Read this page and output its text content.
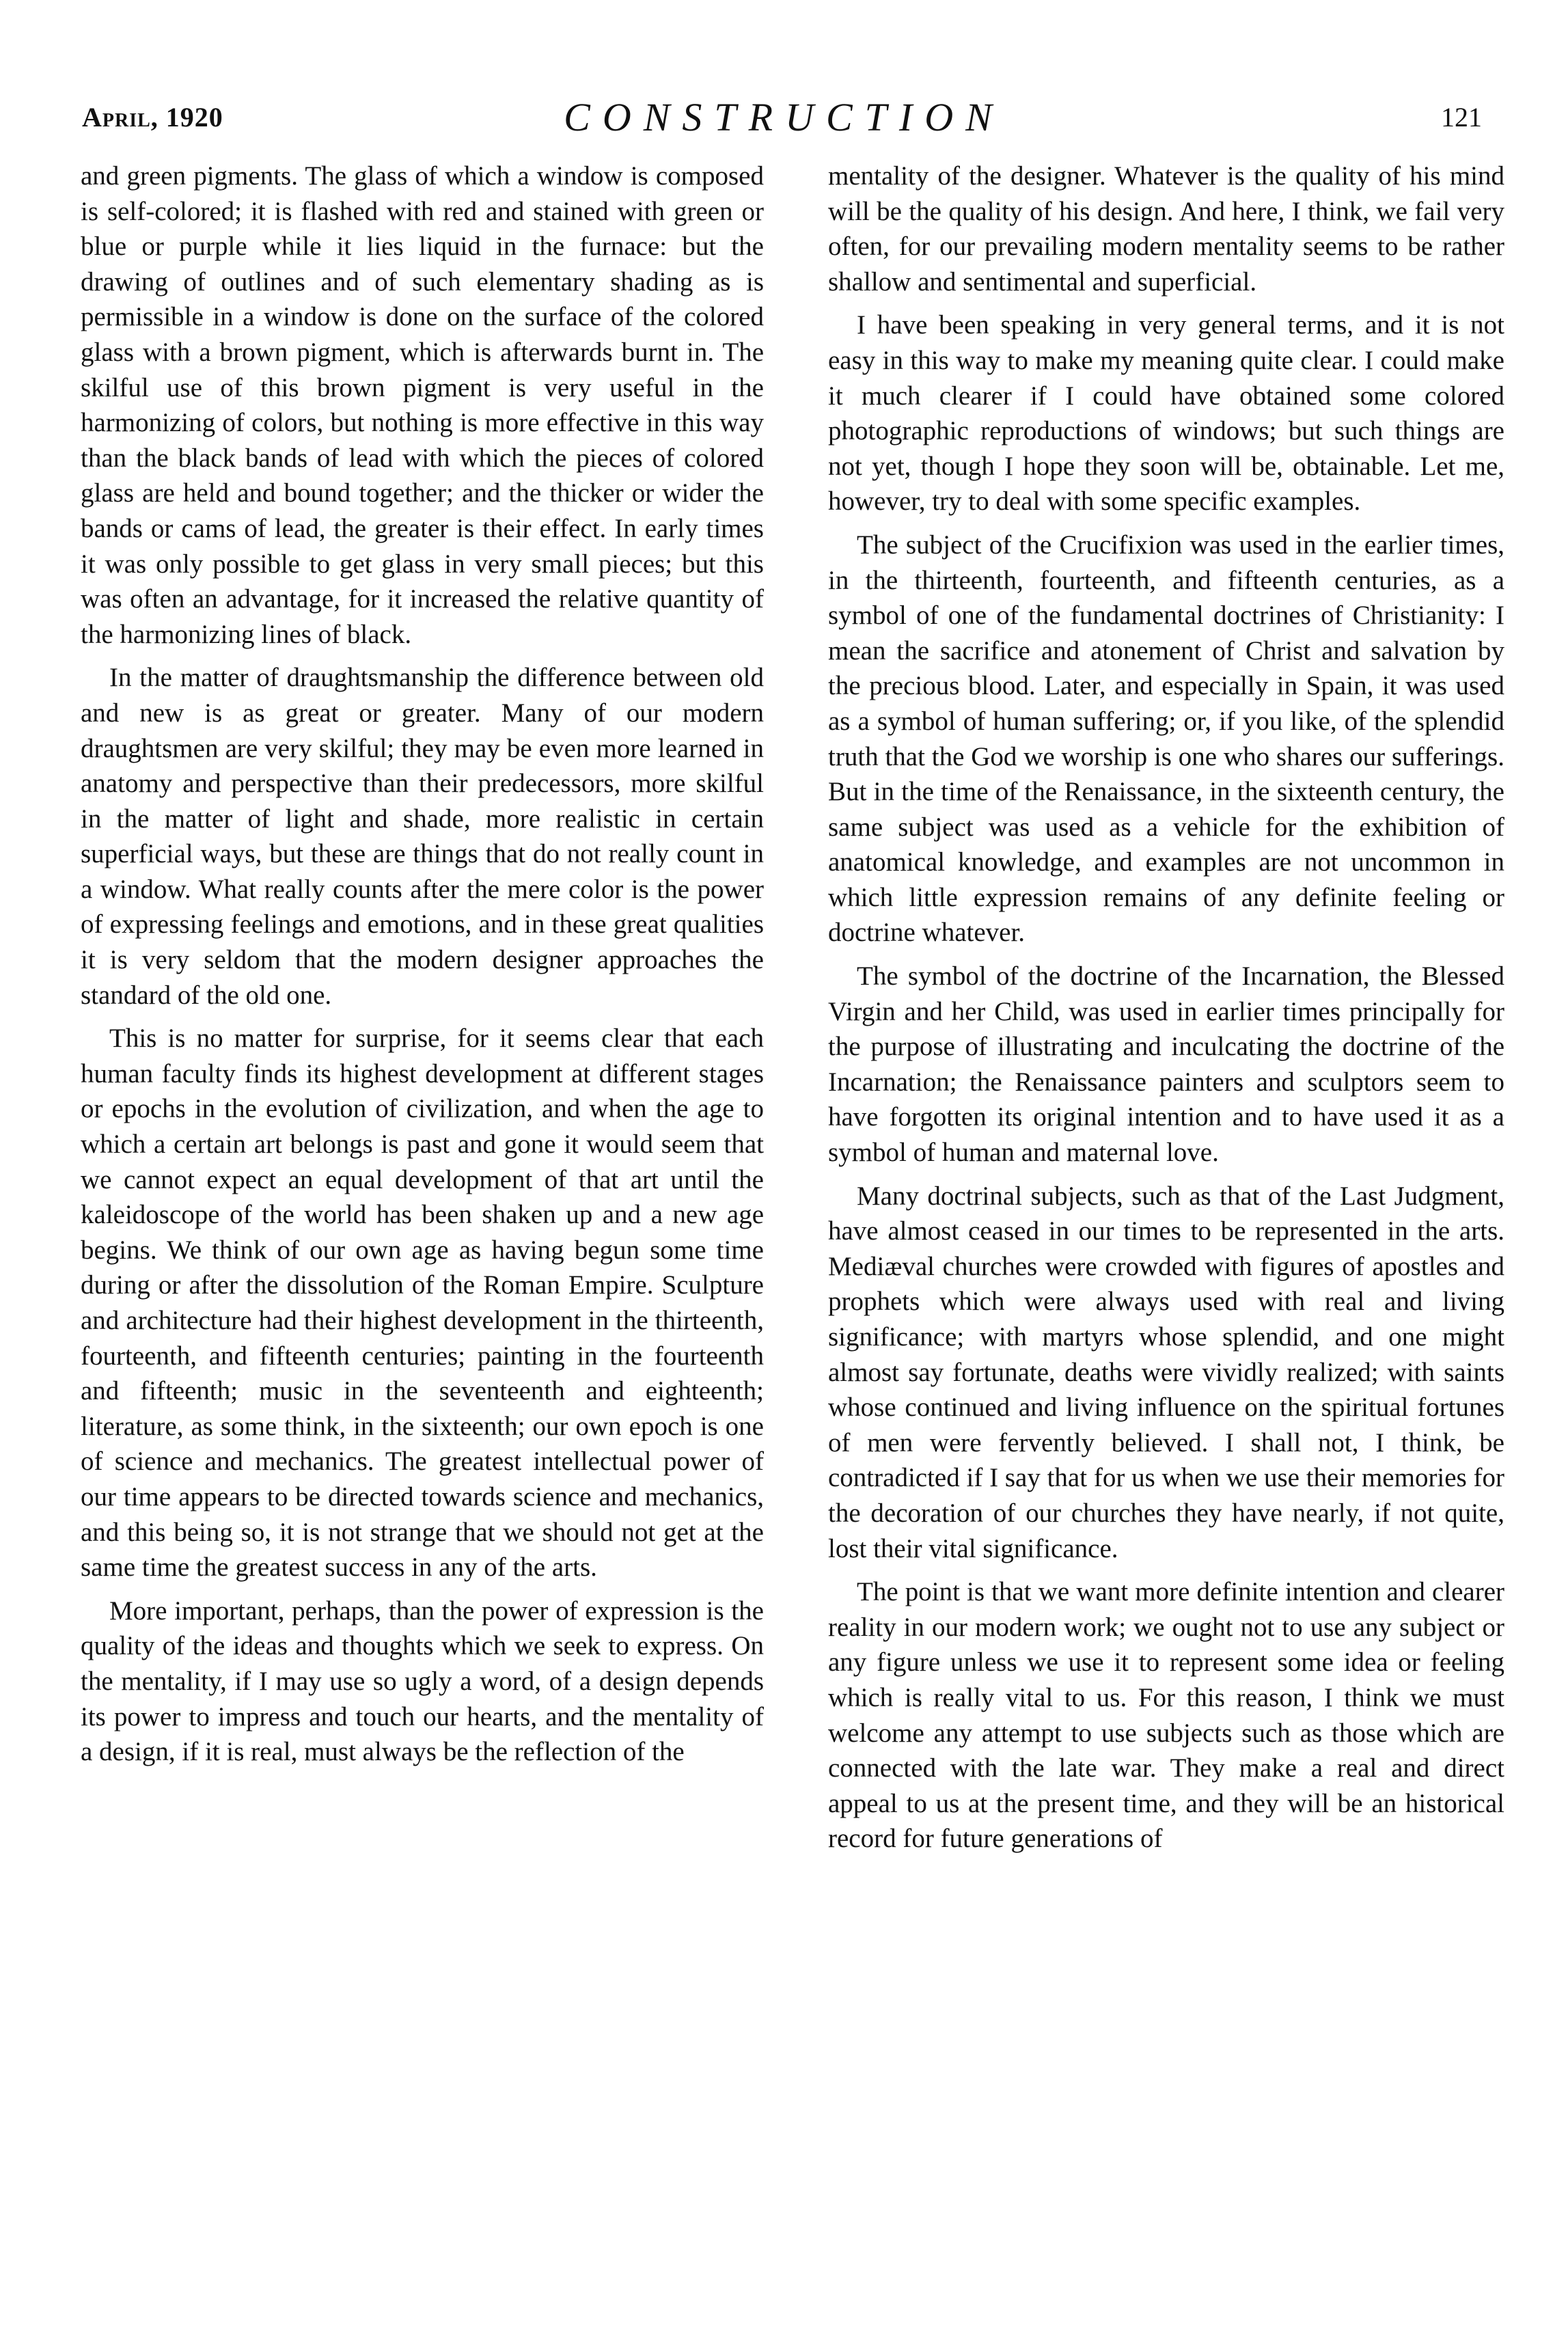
April, 1920	CONSTRUCTION	121

and green pigments. The glass of which a window is composed is self-colored; it is flashed with red and stained with green or blue or purple while it lies liquid in the furnace: but the drawing of outlines and of such elementary shading as is permissible in a window is done on the surface of the colored glass with a brown pigment, which is afterwards burnt in. The skilful use of this brown pigment is very useful in the harmonizing of colors, but nothing is more effective in this way than the black bands of lead with which the pieces of colored glass are held and bound together; and the thicker or wider the bands or cams of lead, the greater is their effect. In early times it was only possible to get glass in very small pieces; but this was often an advantage, for it increased the relative quantity of the harmonizing lines of black.

In the matter of draughtsmanship the difference between old and new is as great or greater. Many of our modern draughtsmen are very skilful; they may be even more learned in anatomy and perspective than their predecessors, more skilful in the matter of light and shade, more realistic in certain superficial ways, but these are things that do not really count in a window. What really counts after the mere color is the power of expressing feelings and emotions, and in these great qualities it is very seldom that the modern designer approaches the standard of the old one.

This is no matter for surprise, for it seems clear that each human faculty finds its highest development at different stages or epochs in the evolution of civilization, and when the age to which a certain art belongs is past and gone it would seem that we cannot expect an equal development of that art until the kaleidoscope of the world has been shaken up and a new age begins. We think of our own age as having begun some time during or after the dissolution of the Roman Empire. Sculpture and architecture had their highest development in the thirteenth, fourteenth, and fifteenth centuries; painting in the fourteenth and fifteenth; music in the seventeenth and eighteenth; literature, as some think, in the sixteenth; our own epoch is one of science and mechanics. The greatest intellectual power of our time appears to be directed towards science and mechanics, and this being so, it is not strange that we should not get at the same time the greatest success in any of the arts.

More important, perhaps, than the power of expression is the quality of the ideas and thoughts which we seek to express. On the mentality, if I may use so ugly a word, of a design depends its power to impress and touch our hearts, and the mentality of a design, if it is real, must always be the reflection of the

mentality of the designer. Whatever is the quality of his mind will be the quality of his design. And here, I think, we fail very often, for our prevailing modern mentality seems to be rather shallow and sentimental and superficial.

I have been speaking in very general terms, and it is not easy in this way to make my meaning quite clear. I could make it much clearer if I could have obtained some colored photographic reproductions of windows; but such things are not yet, though I hope they soon will be, obtainable. Let me, however, try to deal with some specific examples.

The subject of the Crucifixion was used in the earlier times, in the thirteenth, fourteenth, and fifteenth centuries, as a symbol of one of the fundamental doctrines of Christianity: I mean the sacrifice and atonement of Christ and salvation by the precious blood. Later, and especially in Spain, it was used as a symbol of human suffering; or, if you like, of the splendid truth that the God we worship is one who shares our sufferings. But in the time of the Renaissance, in the sixteenth century, the same subject was used as a vehicle for the exhibition of anatomical knowledge, and examples are not uncommon in which little expression remains of any definite feeling or doctrine whatever.

The symbol of the doctrine of the Incarnation, the Blessed Virgin and her Child, was used in earlier times principally for the purpose of illustrating and inculcating the doctrine of the Incarnation; the Renaissance painters and sculptors seem to have forgotten its original intention and to have used it as a symbol of human and maternal love.

Many doctrinal subjects, such as that of the Last Judgment, have almost ceased in our times to be represented in the arts. Mediæval churches were crowded with figures of apostles and prophets which were always used with real and living significance; with martyrs whose splendid, and one might almost say fortunate, deaths were vividly realized; with saints whose continued and living influence on the spiritual fortunes of men were fervently believed. I shall not, I think, be contradicted if I say that for us when we use their memories for the decoration of our churches they have nearly, if not quite, lost their vital significance.

The point is that we want more definite intention and clearer reality in our modern work; we ought not to use any subject or any figure unless we use it to represent some idea or feeling which is really vital to us. For this reason, I think we must welcome any attempt to use subjects such as those which are connected with the late war. They make a real and direct appeal to us at the present time, and they will be an historical record for future generations of
